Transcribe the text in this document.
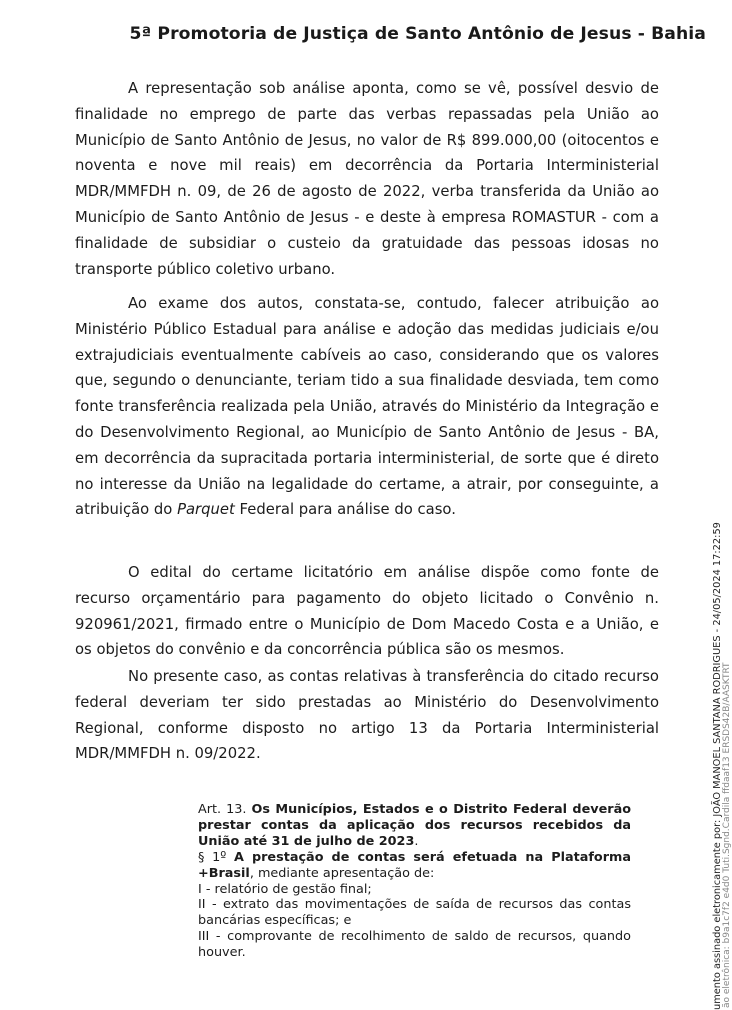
5ª Promotoria de Justiça de Santo Antônio de Jesus - Bahia

A representação sob análise aponta, como se vê, possível desvio de finalidade no emprego de parte das verbas repassadas pela União ao Município de Santo Antônio de Jesus, no valor de R$ 899.000,00 (oitocentos e noventa e nove mil reais) em decorrência da Portaria Interministerial MDR/MMFDH n. 09, de 26 de agosto de 2022, verba transferida da União ao Município de Santo Antônio de Jesus - e deste à empresa ROMASTUR - com a finalidade de subsidiar o custeio da gratuidade das pessoas idosas no transporte público coletivo urbano.

Ao exame dos autos, constata-se, contudo, falecer atribuição ao Ministério Público Estadual para análise e adoção das medidas judiciais e/ou extrajudiciais eventualmente cabíveis ao caso, considerando que os valores que, segundo o denunciante, teriam tido a sua finalidade desviada, tem como fonte transferência realizada pela União, através do Ministério da Integração e do Desenvolvimento Regional, ao Município de Santo Antônio de Jesus - BA, em decorrência da supracitada portaria interministerial, de sorte que é direto no interesse da União na legalidade do certame, a atrair, por conseguinte, a atribuição do Parquet Federal para análise do caso.

O edital do certame licitatório em análise dispõe como fonte de recurso orçamentário para pagamento do objeto licitado o Convênio n. 920961/2021, firmado entre o Município de Dom Macedo Costa e a União, e os objetos do convênio e da concorrência pública são os mesmos.

No presente caso, as contas relativas à transferência do citado recurso federal deveriam ter sido prestadas ao Ministério do Desenvolvimento Regional, conforme disposto no artigo 13 da Portaria Interministerial MDR/MMFDH n. 09/2022.

Art. 13. Os Municípios, Estados e o Distrito Federal deverão prestar contas da aplicação dos recursos recebidos da União até 31 de julho de 2023.

§ 1º A prestação de contas será efetuada na Plataforma +Brasil, mediante apresentação de:

I - relatório de gestão final;

II - extrato das movimentações de saída de recursos das contas bancárias específicas; e

III - comprovante de recolhimento de saldo de recursos, quando houver.	umento assinado eletronicamente por: JOÃO MANOEL SANTANA RODRIGUES - 24/05/2024 17:22:59 ão eletrônica: b9a1c7f2 e4d0 Tuti.Sgnd.Cardila ffdaaf13 ERSDS42B/AASKTRT
